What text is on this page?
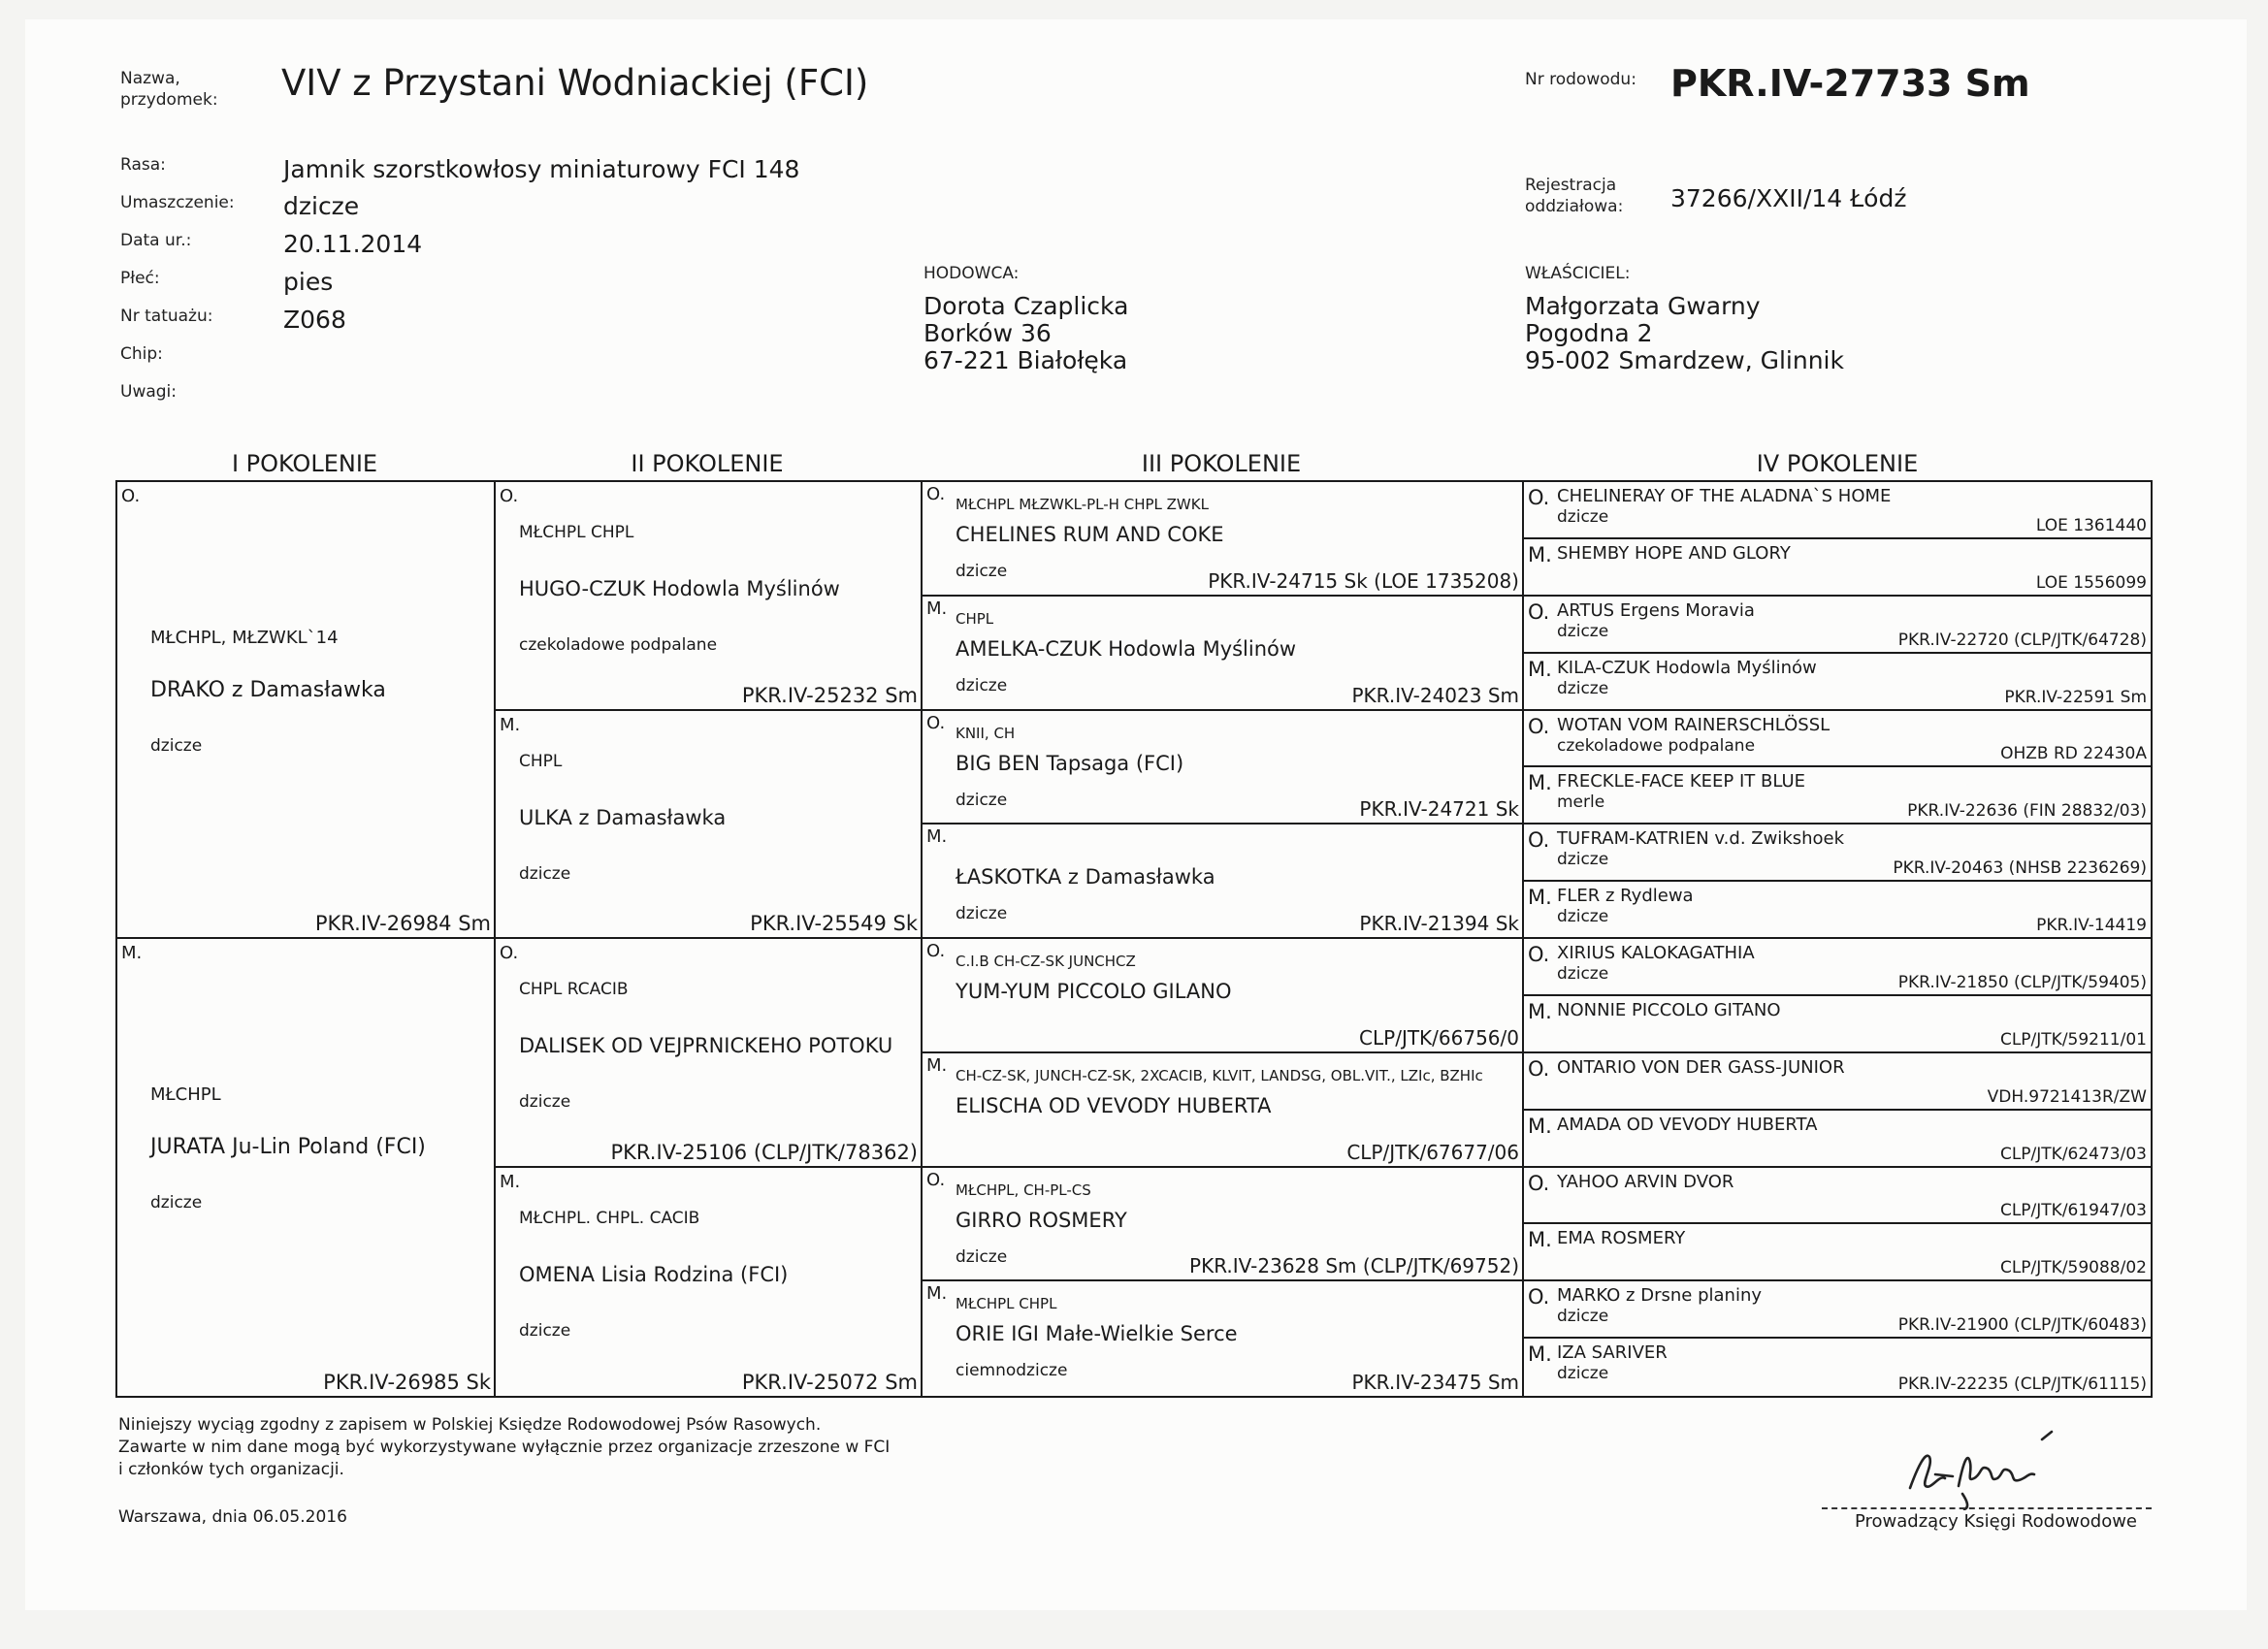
Nazwa,
przydomek: VIV z Przystani Wodniackiej (FCI)	Nr rodowodu: PKR.IV-27733 Sm
Rasa:	Jamnik szorstkowłosy miniaturowy FCI 148
Umaszczenie: dzicze
Data ur.:	20.11.2014
Płeć:	pies
Nr tatuażu:	Z068
Chip:
Uwagi:
Rejestracja
oddziałowa: 37266/XXII/14 Łódź
HODOWCA:
Dorota Czaplicka
Borków 36
67-221 Białołęka
WŁAŚCICIEL:
Małgorzata Gwarny
Pogodna 2
95-002 Smardzew, Glinnik
I POKOLENIE	II POKOLENIE	III POKOLENIE	IV POKOLENIE
O.
MŁCHPL, MŁZWKL`14
DRAKO z Damasławka
dzicze
PKR.IV-26984 Sm
M.
MŁCHPL
JURATA Ju-Lin Poland (FCI)
dzicze
PKR.IV-26985 Sk
O.
MŁCHPL CHPL
HUGO-CZUK Hodowla Myślinów
czekoladowe podpalane
PKR.IV-25232 Sm
M.
CHPL
ULKA z Damasławka
dzicze
PKR.IV-25549 Sk
O.
CHPL RCACIB
DALISEK OD VEJPRNICKEHO POTOKU
dzicze
PKR.IV-25106 (CLP/JTK/78362)
M.
MŁCHPL. CHPL. CACIB
OMENA Lisia Rodzina (FCI)
dzicze
PKR.IV-25072 Sm
O. MŁCHPL MŁZWKL-PL-H CHPL ZWKL
CHELINES RUM AND COKE
dzicze	PKR.IV-24715 Sk (LOE 1735208)
M. CHPL
AMELKA-CZUK Hodowla Myślinów
dzicze	PKR.IV-24023 Sm
O. KNII, CH
BIG BEN Tapsaga (FCI)
dzicze	PKR.IV-24721 Sk
M.
ŁASKOTKA z Damasławka
dzicze	PKR.IV-21394 Sk
O. C.I.B CH-CZ-SK JUNCHCZ
YUM-YUM PICCOLO GILANO
CLP/JTK/66756/0
M. CH-CZ-SK, JUNCH-CZ-SK, 2XCACIB, KLVIT, LANDSG, OBL.VIT., LZIc, BZHIc
ELISCHA OD VEVODY HUBERTA
CLP/JTK/67677/06
O. MŁCHPL, CH-PL-CS
GIRRO ROSMERY
dzicze	PKR.IV-23628 Sm (CLP/JTK/69752)
M. MŁCHPL CHPL
ORIE IGI Małe-Wielkie Serce
ciemnodzicze	PKR.IV-23475 Sm
O. CHELINERAY OF THE ALADNA`S HOME
dzicze	LOE 1361440
M. SHEMBY HOPE AND GLORY
LOE 1556099
O. ARTUS Ergens Moravia
dzicze	PKR.IV-22720 (CLP/JTK/64728)
M. KILA-CZUK Hodowla Myślinów
dzicze	PKR.IV-22591 Sm
O. WOTAN VOM RAINERSCHLÖSSL
czekoladowe podpalane	OHZB RD 22430A
M. FRECKLE-FACE KEEP IT BLUE
merle	PKR.IV-22636 (FIN 28832/03)
O. TUFRAM-KATRIEN v.d. Zwikshoek
dzicze	PKR.IV-20463 (NHSB 2236269)
M. FLER z Rydlewa
dzicze	PKR.IV-14419
O. XIRIUS KALOKAGATHIA
dzicze	PKR.IV-21850 (CLP/JTK/59405)
M. NONNIE PICCOLO GITANO
CLP/JTK/59211/01
O. ONTARIO VON DER GASS-JUNIOR
VDH.9721413R/ZW
M. AMADA OD VEVODY HUBERTA
CLP/JTK/62473/03
O. YAHOO ARVIN DVOR
CLP/JTK/61947/03
M. EMA ROSMERY
CLP/JTK/59088/02
O. MARKO z Drsne planiny
dzicze	PKR.IV-21900 (CLP/JTK/60483)
M. IZA SARIVER
dzicze
PKR.IV-22235 (CLP/JTK/61115)
Niniejszy wyciąg zgodny z zapisem w Polskiej Księdze Rodowodowej Psów Rasowych.
Zawarte w nim dane mogą być wykorzystywane wyłącznie przez organizacje zrzeszone w FCI
i członków tych organizacji.
Warszawa, dnia 06.05.2016	Prowadzący Księgi Rodowodowe
